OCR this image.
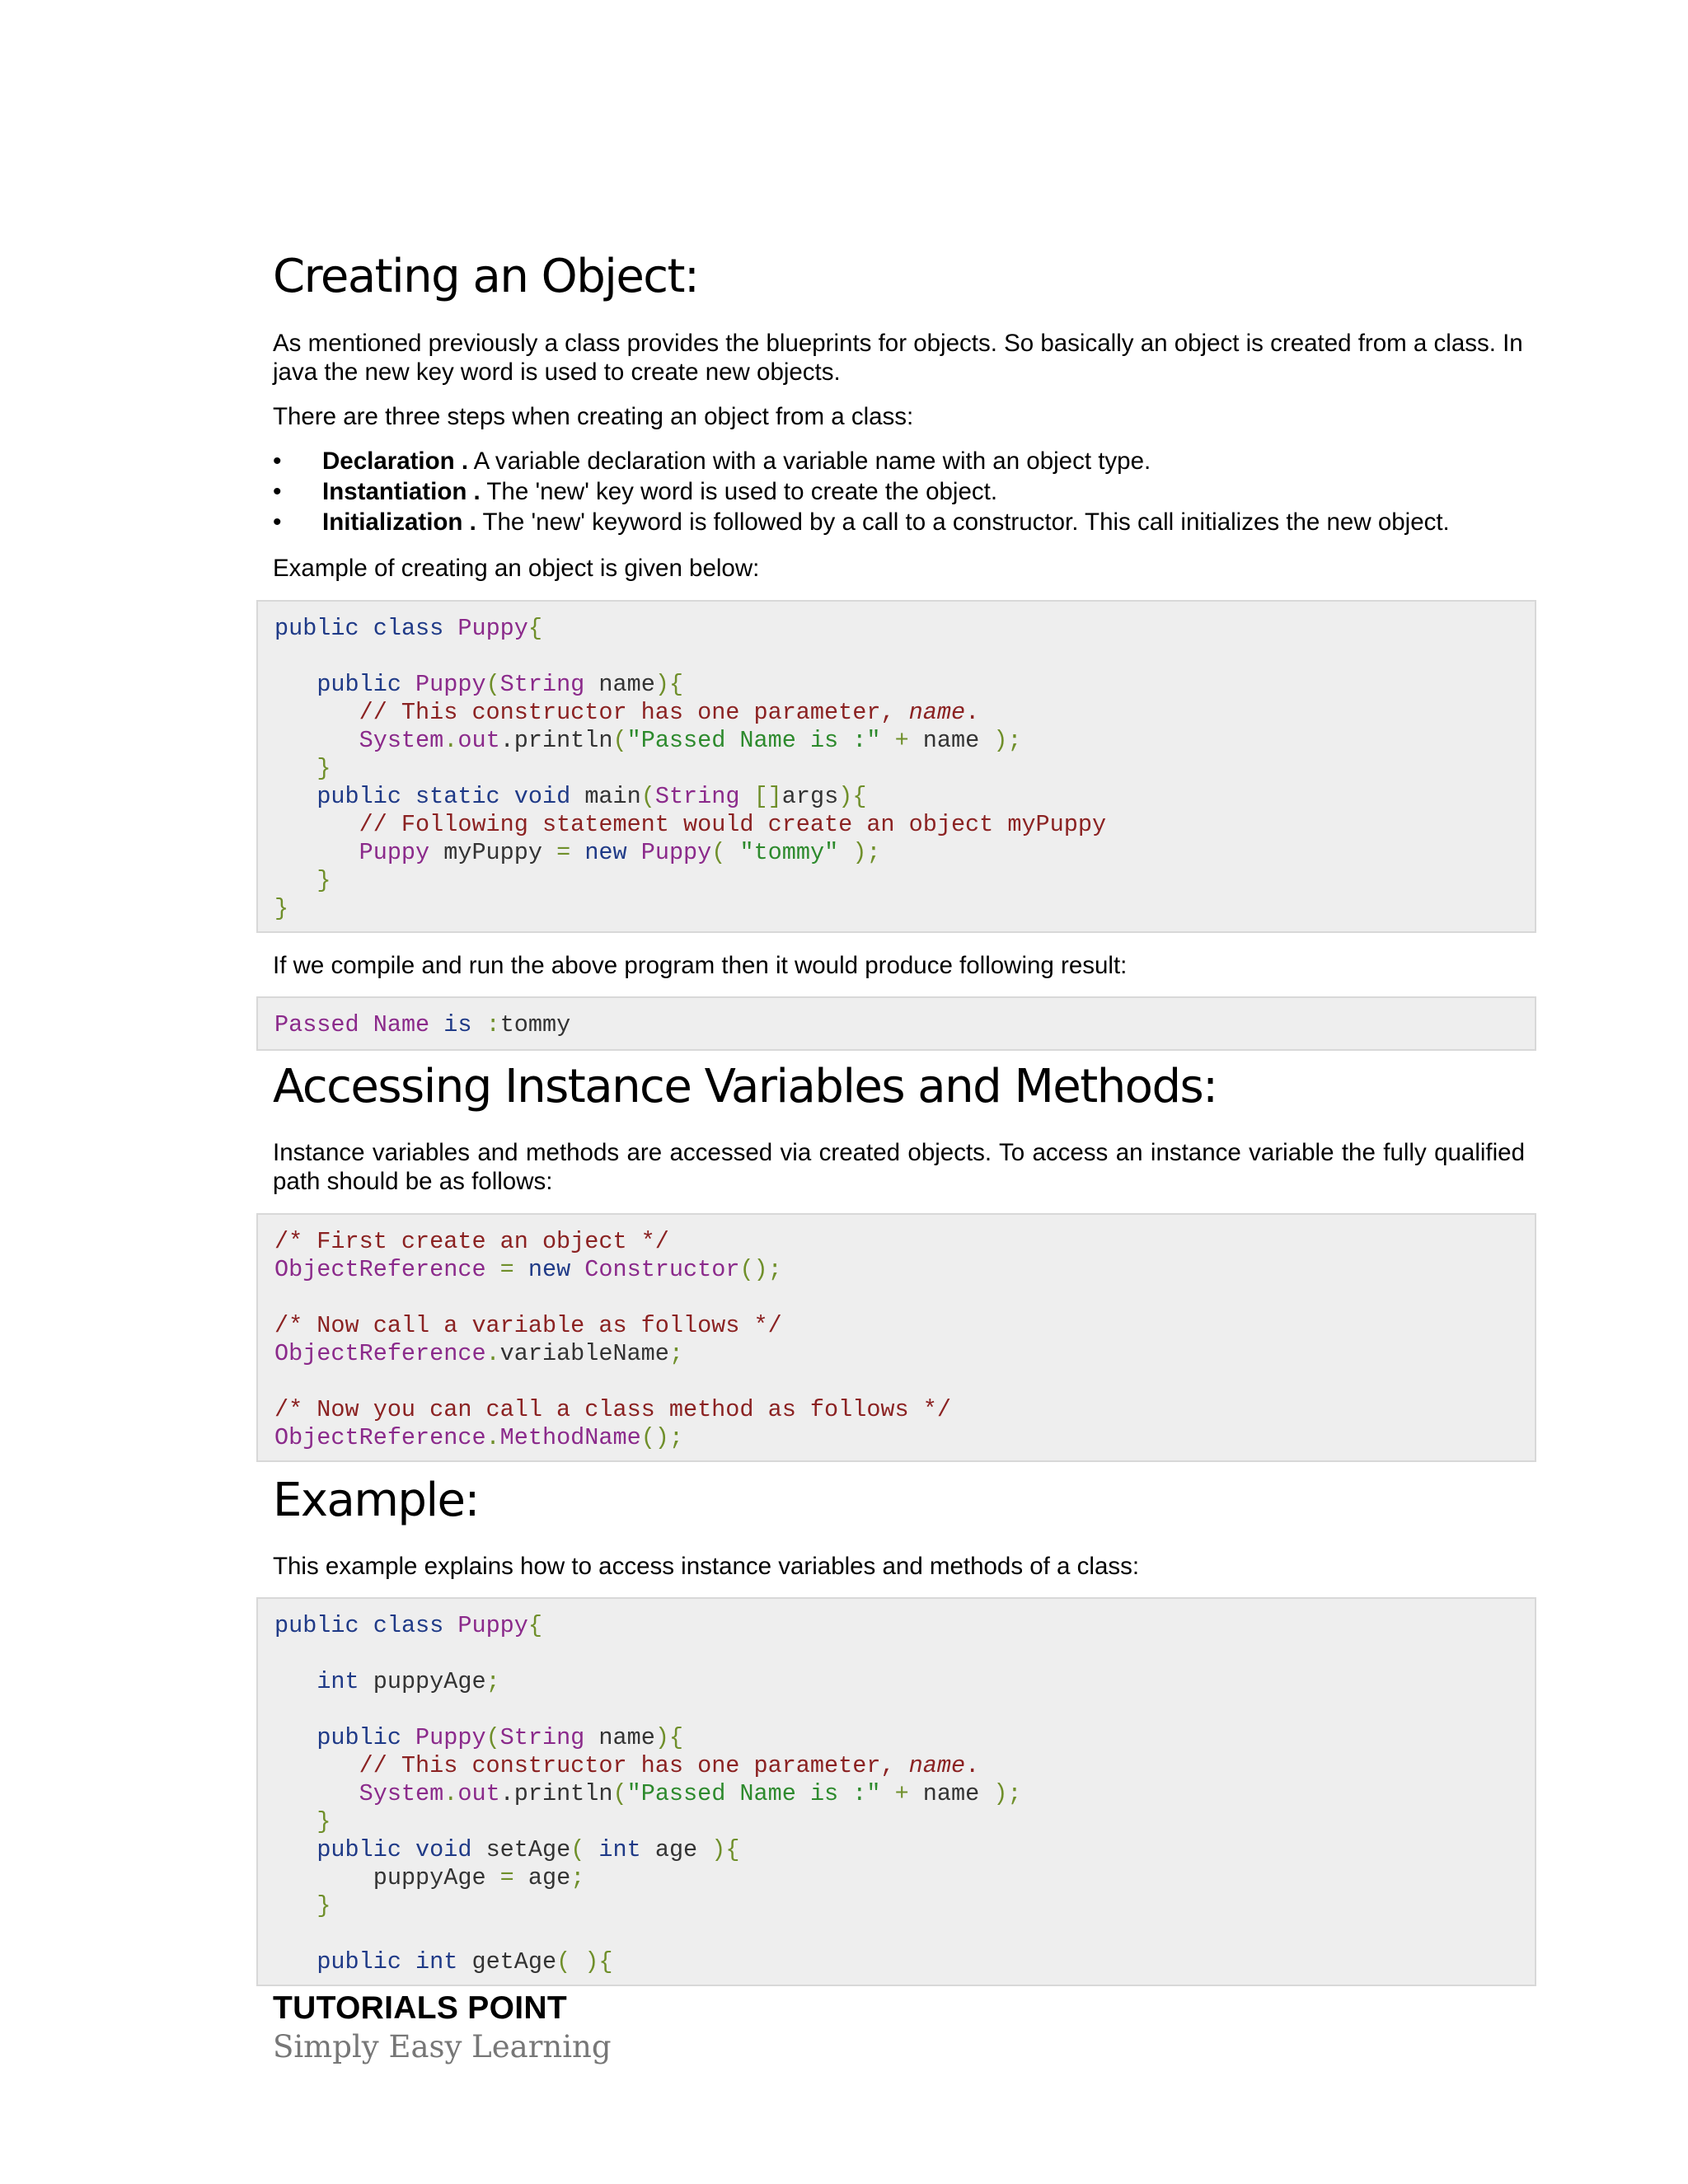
Creating an Object:

As mentioned previously a class provides the blueprints for objects. So basically an object is created from a class. In java the new key word is used to create new objects.

There are three steps when creating an object from a class:

• Declaration . A variable declaration with a variable name with an object type.
• Instantiation . The 'new' key word is used to create the object.
• Initialization . The 'new' keyword is followed by a call to a constructor. This call initializes the new object.

Example of creating an object is given below:

public class Puppy{

public Puppy(String name){
// This constructor has one parameter, name.
System.out.println("Passed Name is :" + name );
}
public static void main(String []args){
// Following statement would create an object myPuppy
Puppy myPuppy = new Puppy( "tommy" );
}
}

If we compile and run the above program then it would produce following result:

Passed Name is :tommy
Accessing Instance Variables and Methods:

Instance variables and methods are accessed via created objects. To access an instance variable the fully qualified path should be as follows:

/* First create an object */
ObjectReference = new Constructor();

/* Now call a variable as follows */
ObjectReference.variableName;

/* Now you can call a class method as follows */
ObjectReference.MethodName();
Example:

This example explains how to access instance variables and methods of a class:

public class Puppy{

int puppyAge;

public Puppy(String name){
// This constructor has one parameter, name.
System.out.println("Passed Name is :" + name );
}
public void setAge( int age ){
puppyAge = age;
}

public int getAge( ){
TUTORIALS POINT
Simply Easy Learning
